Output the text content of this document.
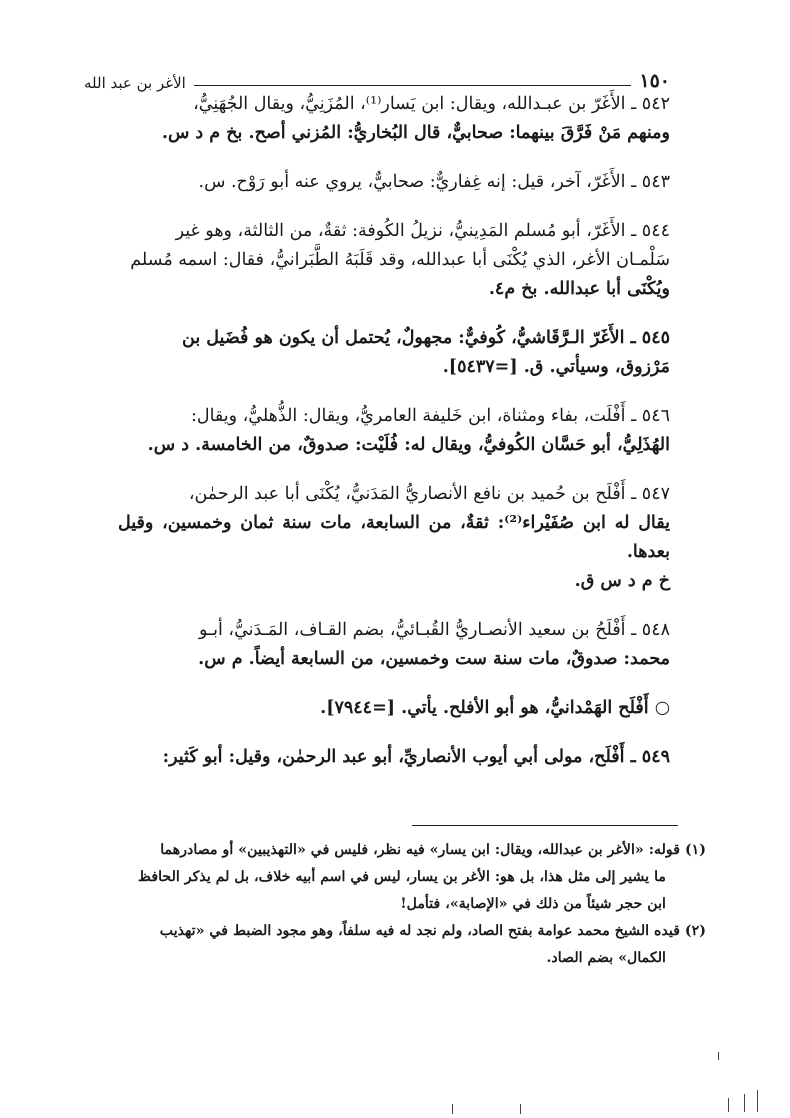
١٥٠
الأغر بن عبد الله

٥٤٢ ـ الأَغَرّ بن عبـدالله، ويقال: ابن يَسار⁽¹⁾، المُزَنِيُّ، ويقال الجُهَنِيُّ،

ومنهم مَنْ فَرَّقَ بينهما: صحابيٌّ، قال البُخاريُّ: المُزني أصح. بخ م د س.

٥٤٣ ـ الأَغَرّ، آخر، قيل: إنه غِفاريٌّ: صحابيٌّ، يروي عنه أبو رَوْح. س.

٥٤٤ ـ الأَغَرّ، أبو مُسلم المَدِينيُّ، نزيلُ الكُوفة: ثقةٌ، من الثالثة، وهو غير

سَلْمـان الأغر، الذي يُكْنَى أبا عبدالله، وقد قَلَبَهُ الطَّبَرانيُّ، فقال: اسمه مُسلم

ويُكْنَى أبا عبدالله. بخ م٤.

٥٤٥ ـ الأَغَرّ الـرَّقَاشيُّ، كُوفيٌّ: مجهولٌ، يُحتمل أن يكون هو فُضَيل بن

مَرْزوق، وسيأتي. ق. [=٥٤٣٧].

٥٤٦ ـ أَفْلَت، بفاء ومثناة، ابن خَليفة العامريُّ، ويقال: الذُّهليُّ، ويقال:

الهُذَلِيُّ، أبو حَسَّان الكُوفيُّ، ويقال له: فُلَيْت: صدوقٌ، من الخامسة. د س.

٥٤٧ ـ أَفْلَح بن حُميد بن نافع الأنصاريُّ المَدَنيُّ، يُكْنَى أبا عبد الرحمٰن،

يقال له ابن صُفَيْراء⁽²⁾: ثقةٌ، من السابعة، مات سنة ثمان وخمسين، وقيل بعدها.

خ م د س ق.

٥٤٨ ـ أَفْلَحُ بن سعيد الأنصـاريُّ القُبـائيُّ، بضم القـاف، المَـدَنيُّ، أبـو

محمد: صدوقٌ، مات سنة ست وخمسين، من السابعة أيضاً. م س.

○ أَفْلَح الهَمْدانيُّ، هو أبو الأفلح. يأتي. [=٧٩٤٤].

٥٤٩ ـ أَفْلَح، مولى أبي أيوب الأنصاريِّ، أبو عبد الرحمٰن، وقيل: أبو كَثير:

(١) قوله: «الأغر بن عبدالله، ويقال: ابن يسار» فيه نظر، فليس في «التهذيبين» أو مصادرهما

ما يشير إلى مثل هذا، بل هو: الأغر بن يسار، ليس في اسم أبيه خلاف، بل لم يذكر الحافظ

ابن حجر شيئاً من ذلك في «الإصابة»، فتأمل!

(٢) قيده الشيخ محمد عوامة بفتح الصاد، ولم نجد له فيه سلفاً، وهو مجود الضبط في «تهذيب

الكمال» بضم الصاد.
